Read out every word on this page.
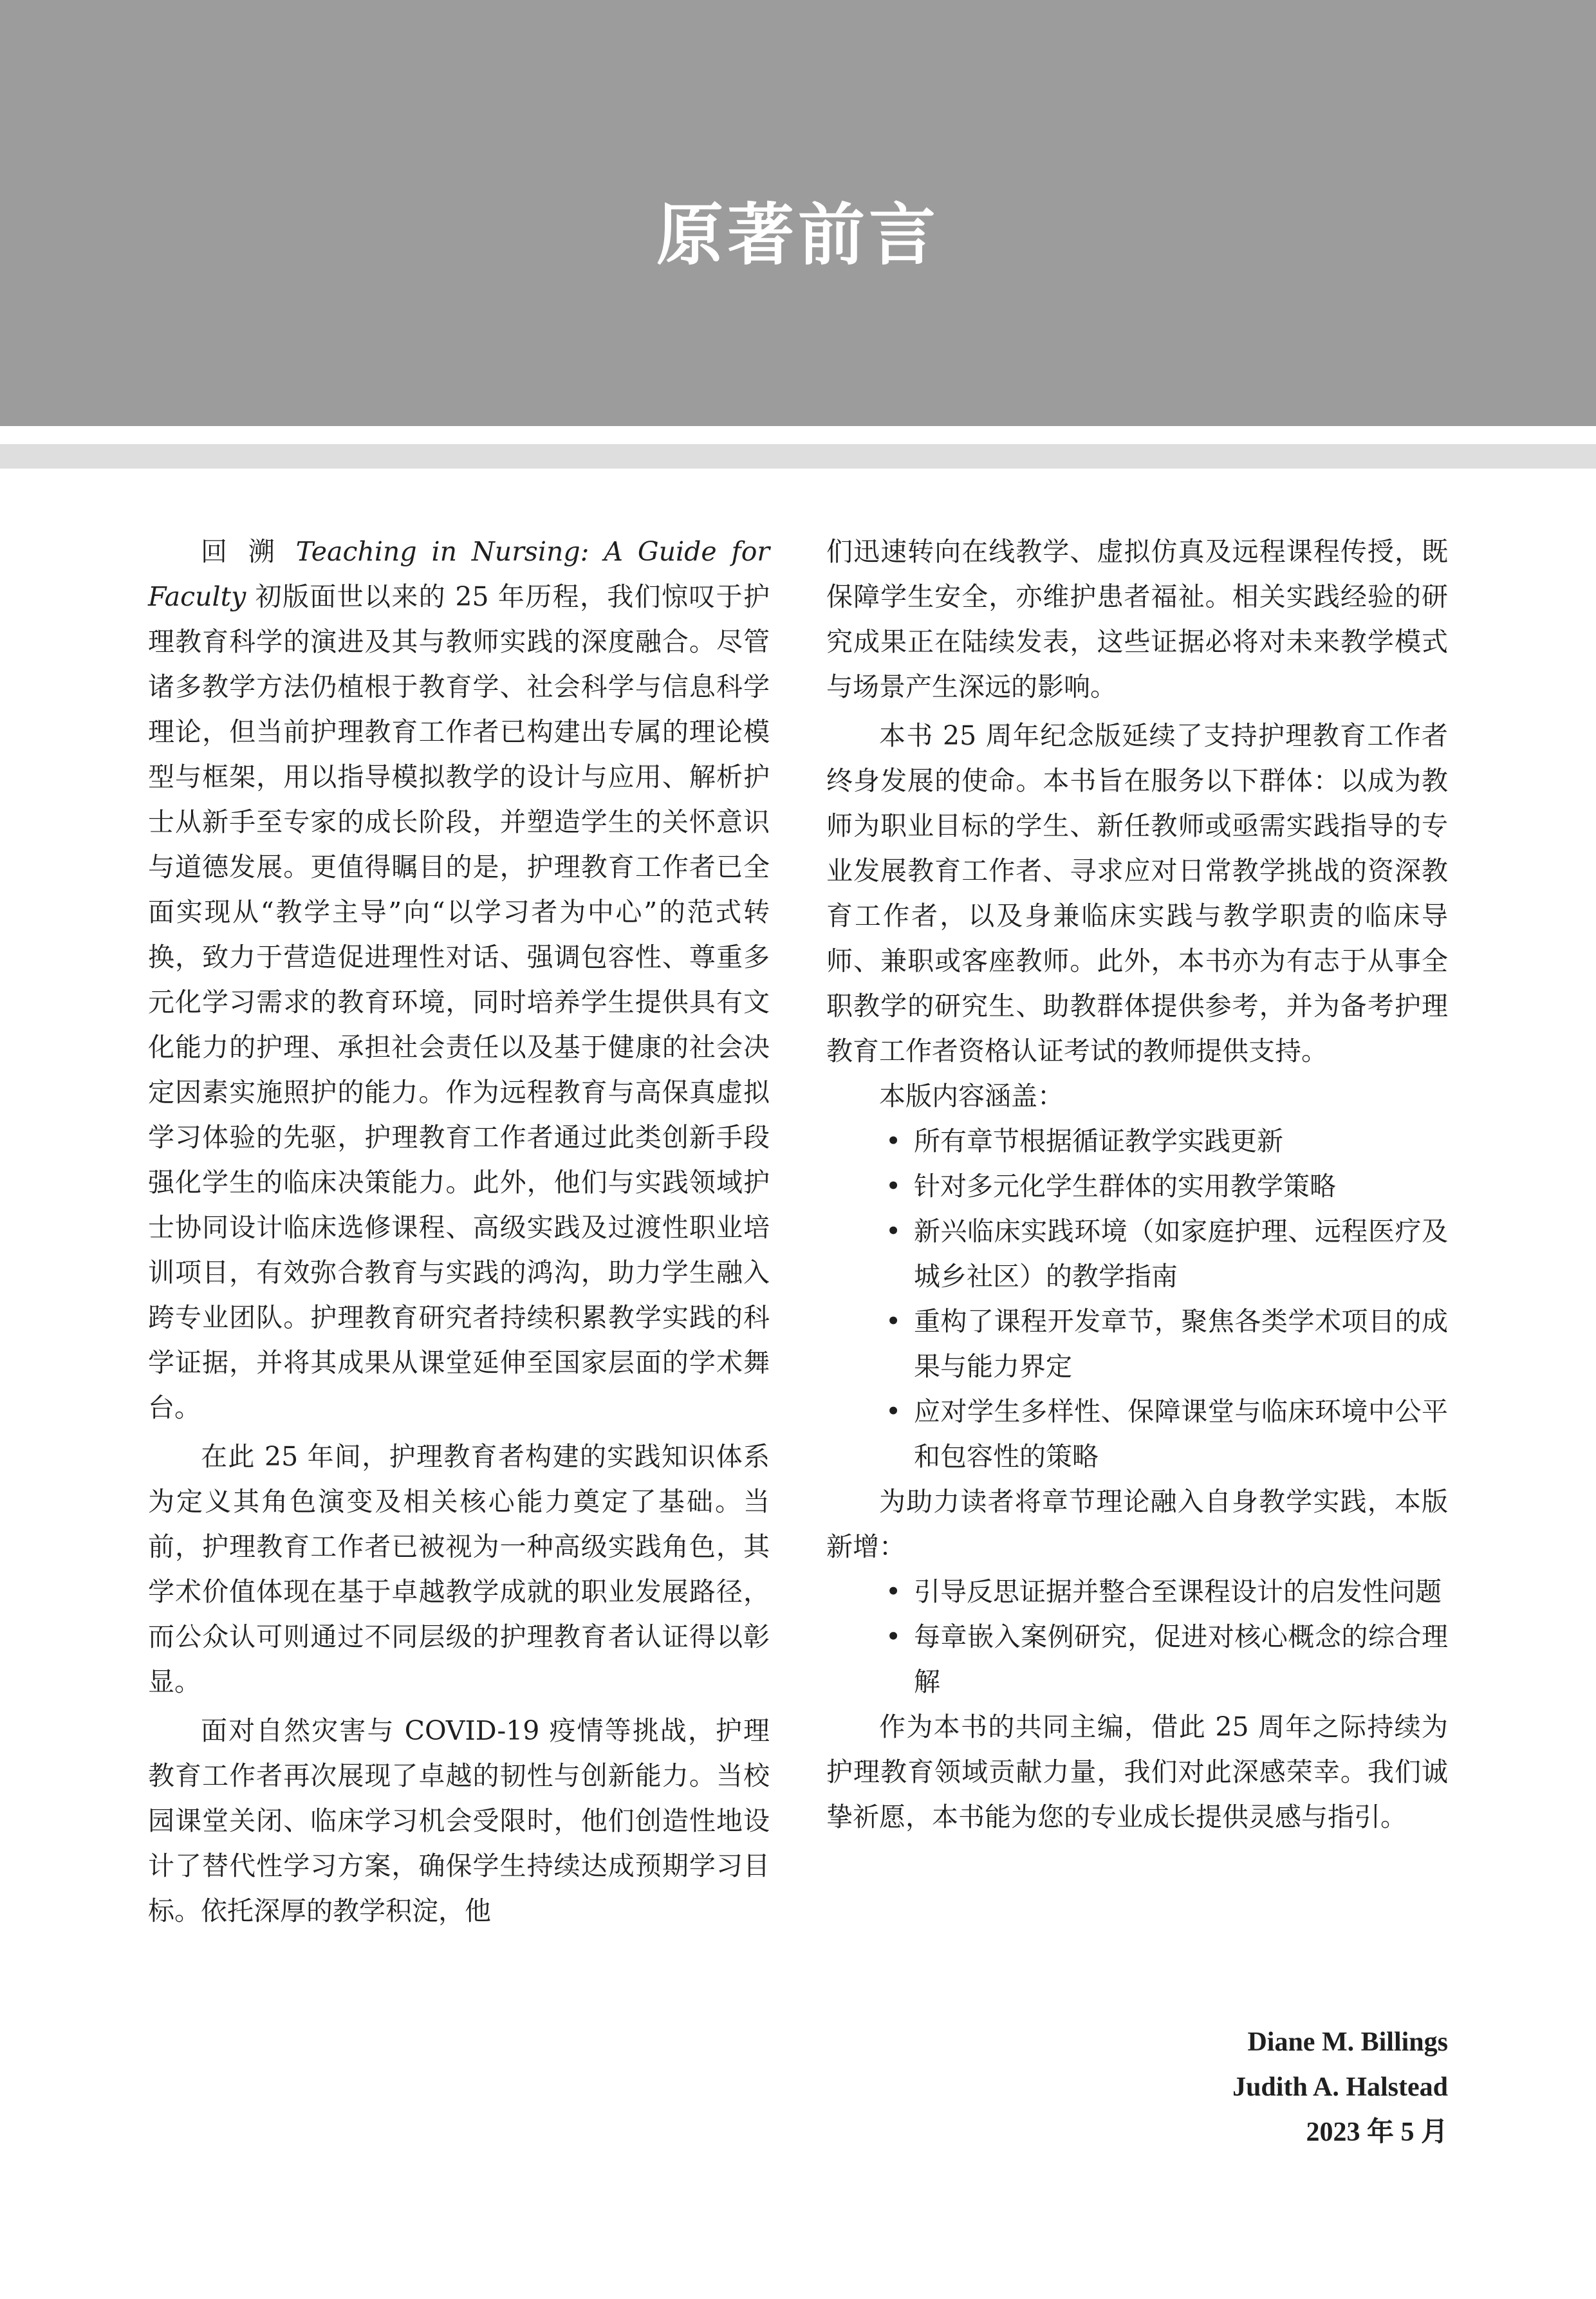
原著前言

回 溯 Teaching in Nursing: A Guide for Faculty 初版面世以来的 25 年历程，我们惊叹于护理教育科学的演进及其与教师实践的深度融合。尽管诸多教学方法仍植根于教育学、社会科学与信息科学理论，但当前护理教育工作者已构建出专属的理论模型与框架，用以指导模拟教学的设计与应用、解析护士从新手至专家的成长阶段，并塑造学生的关怀意识与道德发展。更值得瞩目的是，护理教育工作者已全面实现从“教学主导”向“以学习者为中心”的范式转换，致力于营造促进理性对话、强调包容性、尊重多元化学习需求的教育环境，同时培养学生提供具有文化能力的护理、承担社会责任以及基于健康的社会决定因素实施照护的能力。作为远程教育与高保真虚拟学习体验的先驱，护理教育工作者通过此类创新手段强化学生的临床决策能力。此外，他们与实践领域护士协同设计临床选修课程、高级实践及过渡性职业培训项目，有效弥合教育与实践的鸿沟，助力学生融入跨专业团队。护理教育研究者持续积累教学实践的科学证据，并将其成果从课堂延伸至国家层面的学术舞台。

在此 25 年间，护理教育者构建的实践知识体系为定义其角色演变及相关核心能力奠定了基础。当前，护理教育工作者已被视为一种高级实践角色，其学术价值体现在基于卓越教学成就的职业发展路径，而公众认可则通过不同层级的护理教育者认证得以彰显。

面对自然灾害与 COVID-19 疫情等挑战，护理教育工作者再次展现了卓越的韧性与创新能力。当校园课堂关闭、临床学习机会受限时，他们创造性地设计了替代性学习方案，确保学生持续达成预期学习目标。依托深厚的教学积淀，他

们迅速转向在线教学、虚拟仿真及远程课程传授，既保障学生安全，亦维护患者福祉。相关实践经验的研究成果正在陆续发表，这些证据必将对未来教学模式与场景产生深远的影响。

本书 25 周年纪念版延续了支持护理教育工作者终身发展的使命。本书旨在服务以下群体：以成为教师为职业目标的学生、新任教师或亟需实践指导的专业发展教育工作者、寻求应对日常教学挑战的资深教育工作者，以及身兼临床实践与教学职责的临床导师、兼职或客座教师。此外，本书亦为有志于从事全职教学的研究生、助教群体提供参考，并为备考护理教育工作者资格认证考试的教师提供支持。

本版内容涵盖：

• 所有章节根据循证教学实践更新
• 针对多元化学生群体的实用教学策略
• 新兴临床实践环境（如家庭护理、远程医疗及城乡社区）的教学指南
• 重构了课程开发章节，聚焦各类学术项目的成果与能力界定
• 应对学生多样性、保障课堂与临床环境中公平和包容性的策略

为助力读者将章节理论融入自身教学实践，本版新增：

• 引导反思证据并整合至课程设计的启发性问题
• 每章嵌入案例研究，促进对核心概念的综合理解

作为本书的共同主编，借此 25 周年之际持续为护理教育领域贡献力量，我们对此深感荣幸。我们诚挚祈愿，本书能为您的专业成长提供灵感与指引。

Diane M. Billings
Judith A. Halstead
2023 年 5 月
